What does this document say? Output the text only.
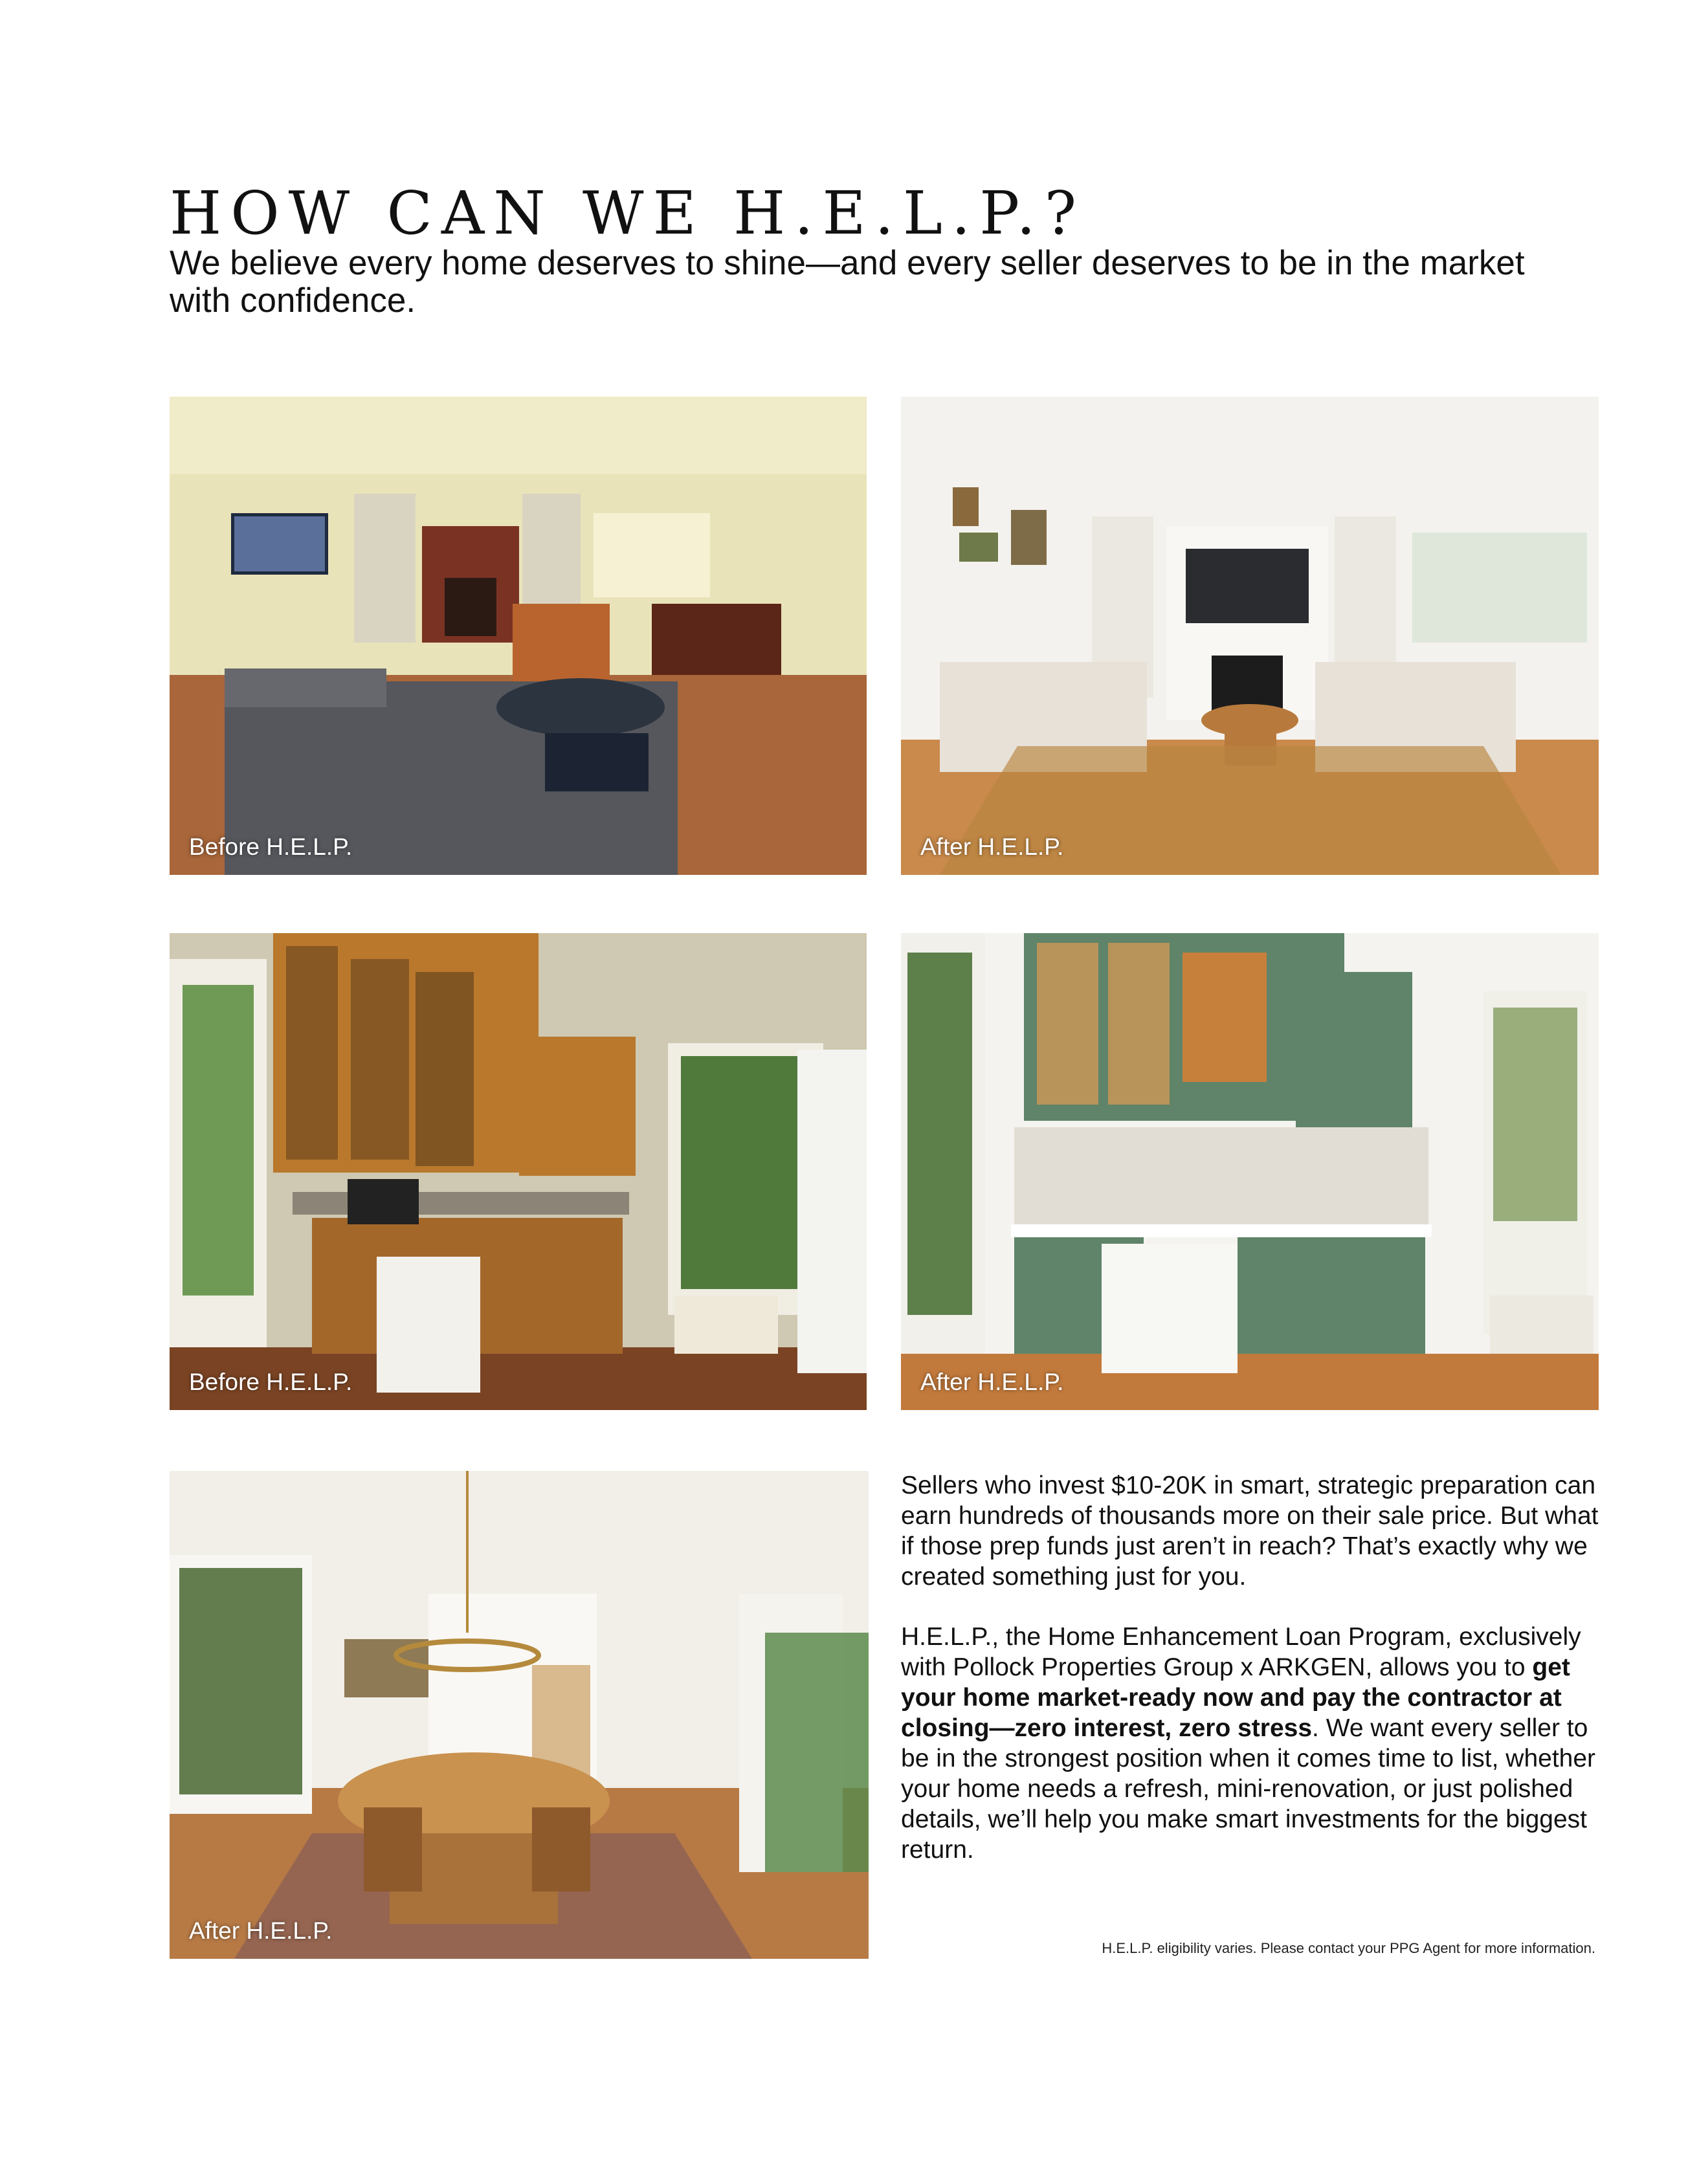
HOW CAN WE H.E.L.P.?

We believe every home deserves to shine—and every seller deserves to be in the market with confidence.

Before H.E.L.P.	After H.E.L.P.
Before H.E.L.P.	After H.E.L.P.
After H.E.L.P.

Sellers who invest $10-20K in smart, strategic preparation can earn hundreds of thousands more on their sale price. But what if those prep funds just aren’t in reach? That’s exactly why we created something just for you.

H.E.L.P., the Home Enhancement Loan Program, exclusively with Pollock Properties Group x ARKGEN, allows you to get your home market-ready now and pay the contractor at closing—zero interest, zero stress. We want every seller to be in the strongest position when it comes time to list, whether your home needs a refresh, mini-renovation, or just polished details, we’ll help you make smart investments for the biggest return.

H.E.L.P. eligibility varies. Please contact your PPG Agent for more information.
